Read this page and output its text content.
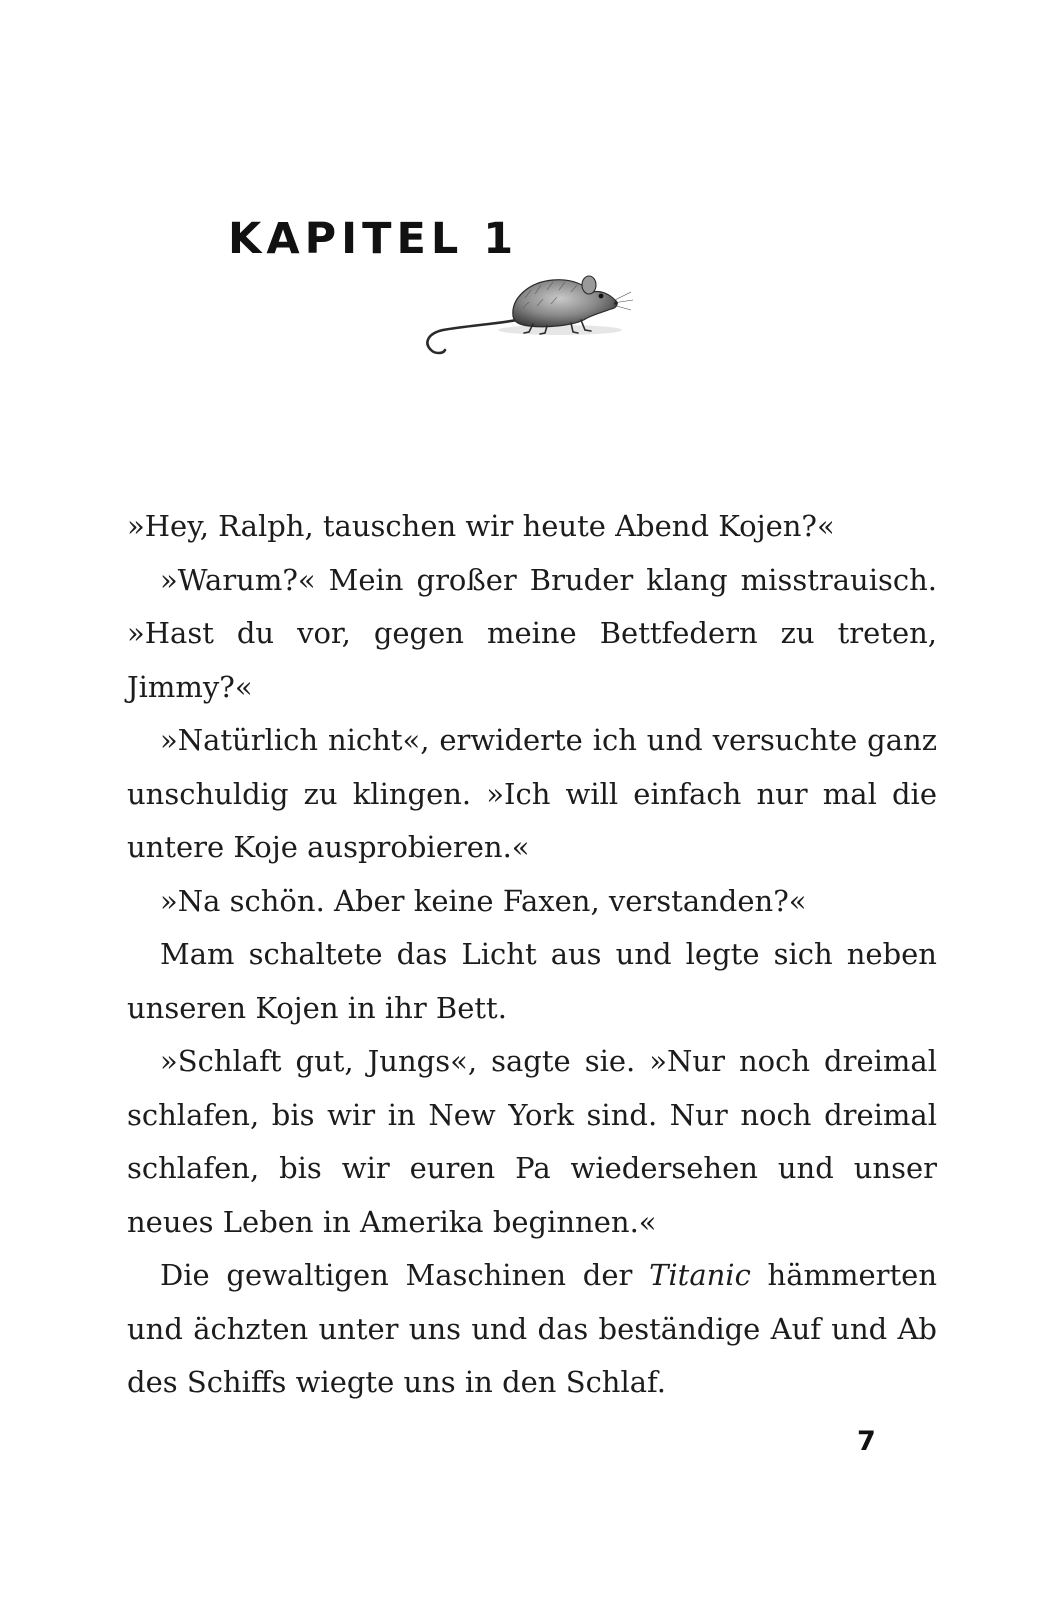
KAPITEL 1

»Hey, Ralph, tauschen wir heute Abend Kojen?«

»Warum?« Mein großer Bruder klang misstrauisch. »Hast du vor, gegen meine Bettfedern zu treten, Jimmy?«

»Natürlich nicht«, erwiderte ich und versuchte ganz unschuldig zu klingen. »Ich will einfach nur mal die untere Koje ausprobieren.«

»Na schön. Aber keine Faxen, verstanden?«

Mam schaltete das Licht aus und legte sich neben unseren Kojen in ihr Bett.

»Schlaft gut, Jungs«, sagte sie. »Nur noch dreimal schlafen, bis wir in New York sind. Nur noch dreimal schlafen, bis wir euren Pa wiedersehen und unser neues Leben in Amerika beginnen.«

Die gewaltigen Maschinen der Titanic hämmerten und ächzten unter uns und das beständige Auf und Ab des Schiffs wiegte uns in den Schlaf.

7
